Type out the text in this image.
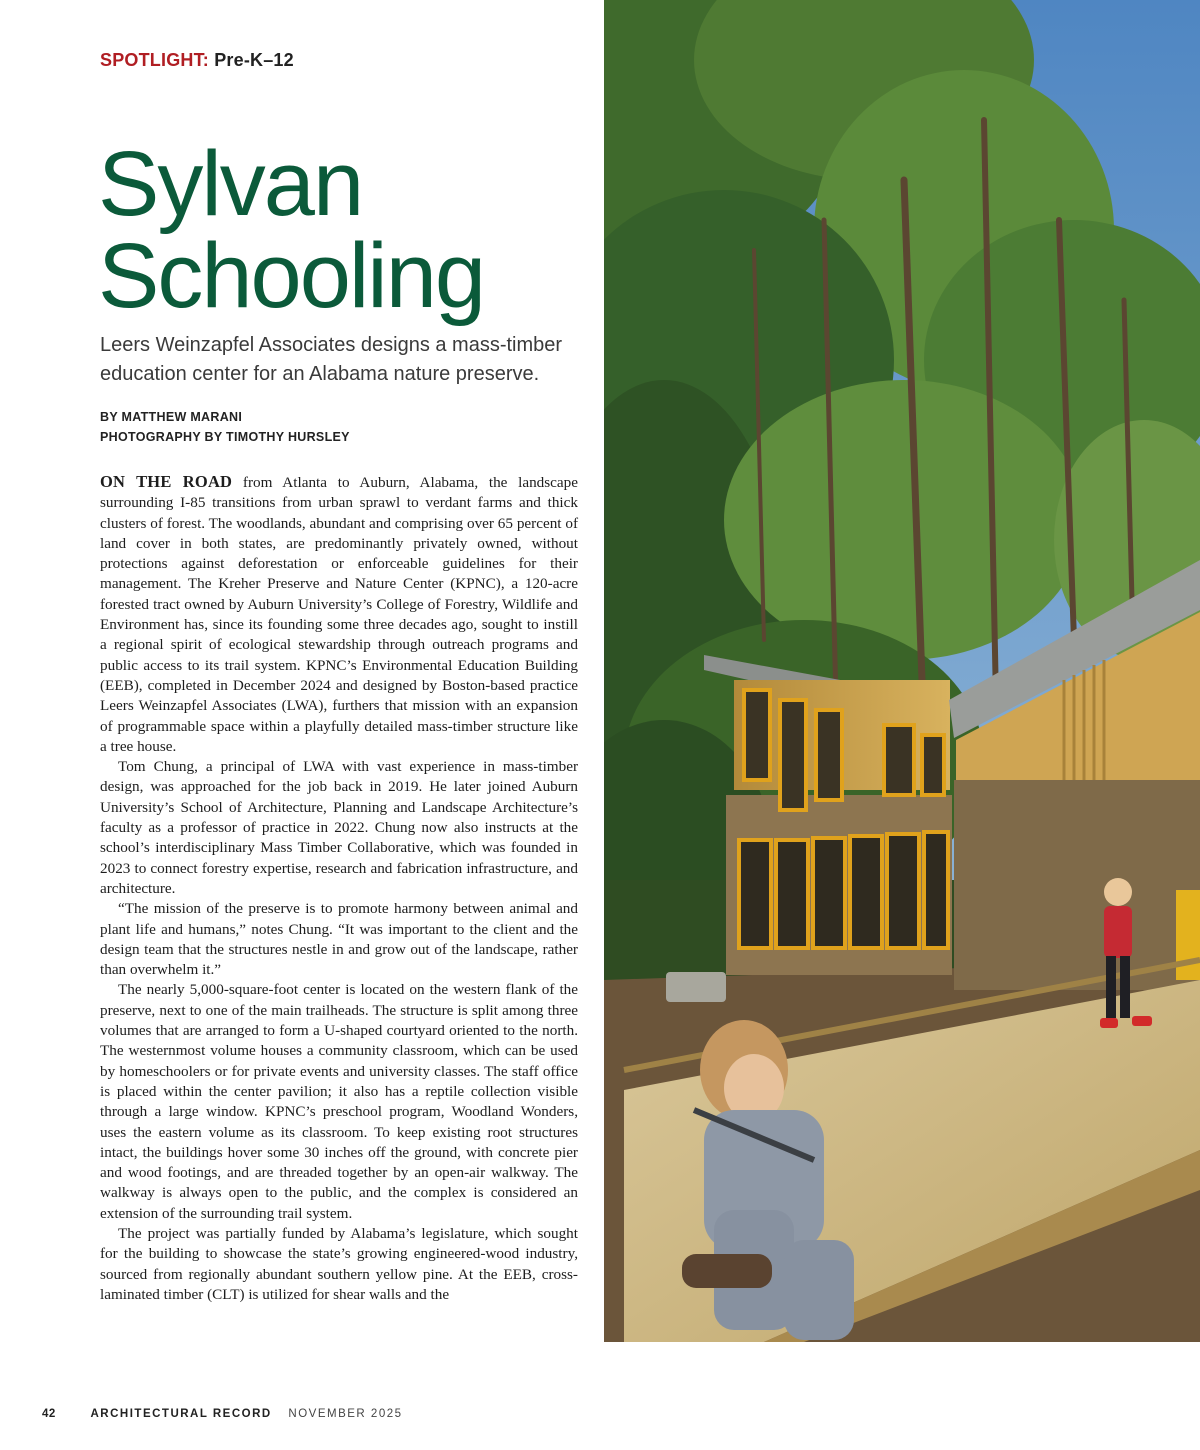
SPOTLIGHT: Pre-K–12
Sylvan
Schooling

Leers Weinzapfel Associates designs a mass-timber education center for an Alabama nature preserve.

BY MATTHEW MARANI
PHOTOGRAPHY BY TIMOTHY HURSLEY

ON THE ROAD from Atlanta to Auburn, Alabama, the landscape surrounding I-85 transitions from urban sprawl to verdant farms and thick clusters of forest. The woodlands, abundant and comprising over 65 percent of land cover in both states, are predominantly privately owned, without protections against deforestation or enforceable guidelines for their management. The Kreher Preserve and Nature Center (KPNC), a 120-acre forested tract owned by Auburn University’s College of Forestry, Wildlife and Environment has, since its founding some three decades ago, sought to instill a regional spirit of ecological stewardship through outreach programs and public access to its trail system. KPNC’s Environmental Education Building (EEB), completed in December 2024 and designed by Boston-based practice Leers Weinzapfel Associates (LWA), furthers that mission with an expansion of programmable space within a playfully detailed mass-timber structure like a tree house.

Tom Chung, a principal of LWA with vast experience in mass-timber design, was approached for the job back in 2019. He later joined Auburn University’s School of Architecture, Planning and Landscape Architecture’s faculty as a professor of practice in 2022. Chung now also instructs at the school’s interdisciplinary Mass Timber Collaborative, which was founded in 2023 to connect forestry expertise, research and fabrication infrastructure, and architecture.

“The mission of the preserve is to promote harmony between animal and plant life and humans,” notes Chung. “It was important to the client and the design team that the structures nestle in and grow out of the landscape, rather than overwhelm it.”

The nearly 5,000-square-foot center is located on the western flank of the preserve, next to one of the main trailheads. The structure is split among three volumes that are arranged to form a U-shaped courtyard oriented to the north. The westernmost volume houses a community classroom, which can be used by homeschoolers or for private events and university classes. The staff office is placed within the center pavilion; it also has a reptile collection visible through a large window. KPNC’s preschool program, Woodland Wonders, uses the eastern volume as its classroom. To keep existing root structures intact, the buildings hover some 30 inches off the ground, with concrete pier and wood footings, and are threaded together by an open-air walkway. The walkway is always open to the public, and the complex is considered an extension of the surrounding trail system.

The project was partially funded by Alabama’s legislature, which sought for the building to showcase the state’s growing engineered-wood industry, sourced from regionally abundant southern yellow pine. At the EEB, cross-laminated timber (CLT) is utilized for shear walls and the

42	ARCHITECTURAL RECORD NOVEMBER 2025
